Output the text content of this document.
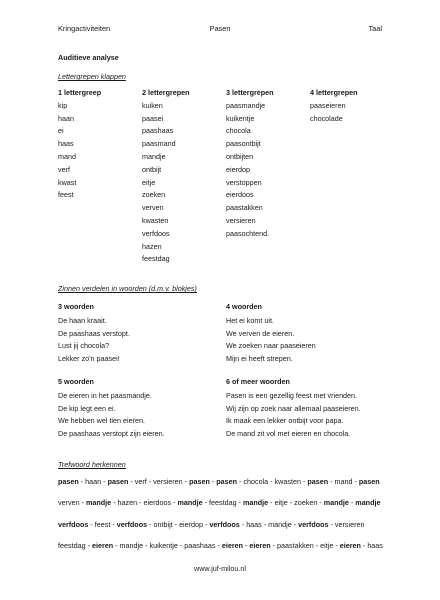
Kringactiviteiten	Pasen	Taal
Auditieve analyse
Lettergrepen klappen
1 lettergreep
kip
haan
ei
haas
mand
verf
kwast
feest
2 lettergrepen
kuiken
paasei
paashaas
paasmand
mandje
ontbijt
eitje
zoeken
verven
kwasten
verfdoos
hazen
feestdag
3 lettergrepen
paasmandje
kuikentje
chocola
paasontbijt
ontbijten
eierdop
verstoppen
eierdoos
paastakken
versieren
paasochtend.
4 lettergrepen
paaseieren
chocolade
Zinnen verdelen in woorden (d.m.v. blokjes)
3 woorden
De haan kraait.
De paashaas verstopt.
Lust jij chocola?
Lekker zo'n paasei!
4 woorden
Het ei komt uit.
We verven de eieren.
We zoeken naar paaseieren
Mijn ei heeft strepen.
5 woorden
De eieren in het paasmandje.
De kip legt een ei.
We hebben wel tien eieren.
De paashaas verstopt zijn eieren.
6 of meer woorden
Pasen is een gezellig feest met vrienden.
Wij zijn op zoek naar allemaal paaseieren.
Ik maak een lekker ontbijt voor papa.
De mand zit vol met eieren en chocola.
Trefwoord herkennen
pasen - haan - pasen - verf - versieren - pasen - pasen - chocola - kwasten - pasen - mand - pasen
verven - mandje - hazen - eierdoos - mandje - feestdag - mandje - eitje - zoeken - mandje - mandje
verfdoos - feest - verfdoos - ontbijt - eierdop - verfdoos - haas - mandje - verfdoos - versieren
feestdag - eieren - mandje - kuikentje - paashaas - eieren - eieren - paastakken - eitje - eieren - haas
www.juf-milou.nl
